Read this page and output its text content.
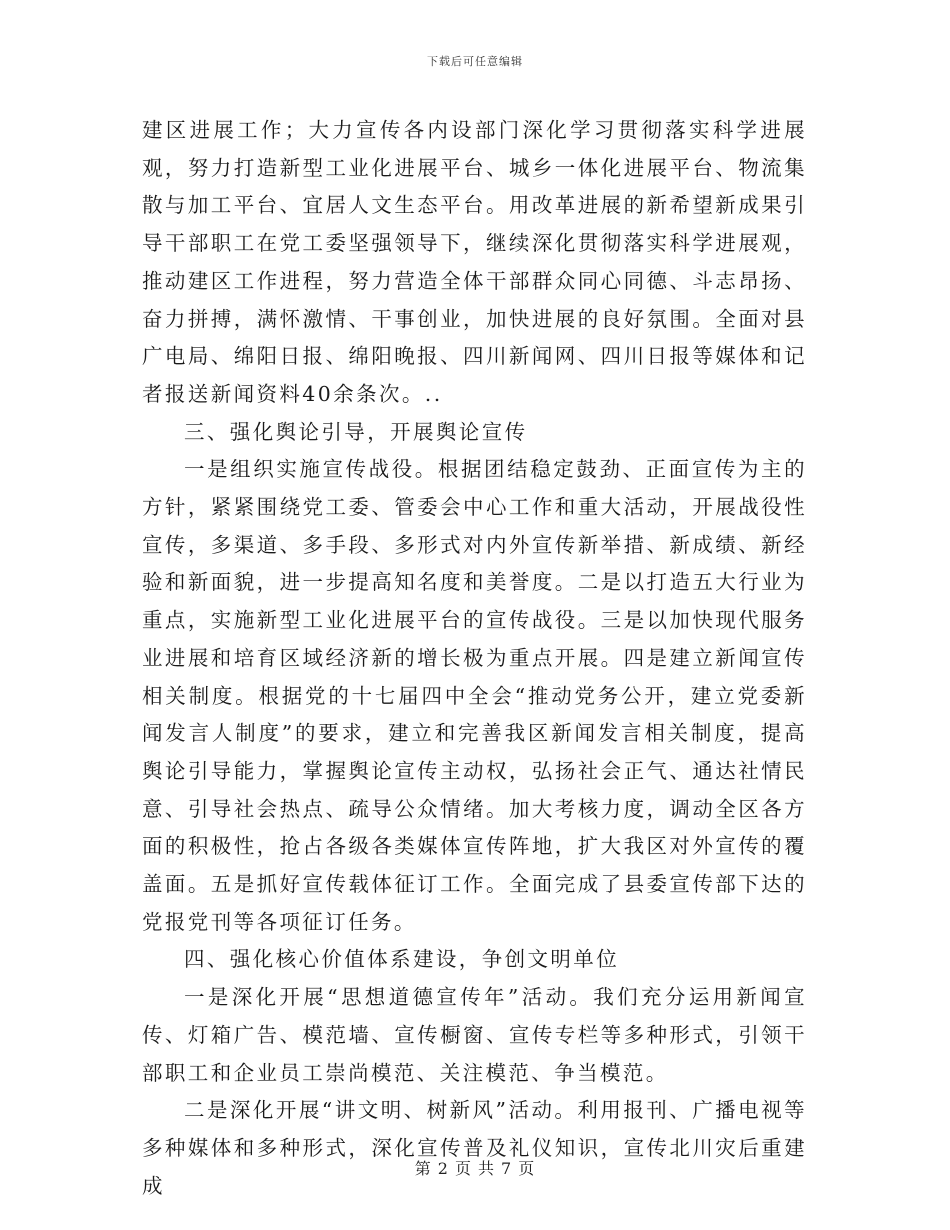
下载后可任意编辑

建区进展工作；大力宣传各内设部门深化学习贯彻落实科学进展观，努力打造新型工业化进展平台、城乡一体化进展平台、物流集散与加工平台、宜居人文生态平台。用改革进展的新希望新成果引导干部职工在党工委坚强领导下，继续深化贯彻落实科学进展观，推动建区工作进程，努力营造全体干部群众同心同德、斗志昂扬、奋力拼搏，满怀激情、干事创业，加快进展的良好氛围。全面对县广电局、绵阳日报、绵阳晚报、四川新闻网、四川日报等媒体和记者报送新闻资料40余条次。..

三、强化舆论引导，开展舆论宣传

一是组织实施宣传战役。根据团结稳定鼓劲、正面宣传为主的方针，紧紧围绕党工委、管委会中心工作和重大活动，开展战役性宣传，多渠道、多手段、多形式对内外宣传新举措、新成绩、新经验和新面貌，进一步提高知名度和美誉度。二是以打造五大行业为重点，实施新型工业化进展平台的宣传战役。三是以加快现代服务业进展和培育区域经济新的增长极为重点开展。四是建立新闻宣传相关制度。根据党的十七届四中全会“推动党务公开，建立党委新闻发言人制度”的要求，建立和完善我区新闻发言相关制度，提高舆论引导能力，掌握舆论宣传主动权，弘扬社会正气、通达社情民意、引导社会热点、疏导公众情绪。加大考核力度，调动全区各方面的积极性，抢占各级各类媒体宣传阵地，扩大我区对外宣传的覆盖面。五是抓好宣传载体征订工作。全面完成了县委宣传部下达的党报党刊等各项征订任务。

四、强化核心价值体系建设，争创文明单位

一是深化开展“思想道德宣传年”活动。我们充分运用新闻宣传、灯箱广告、模范墙、宣传橱窗、宣传专栏等多种形式，引领干部职工和企业员工崇尚模范、关注模范、争当模范。

二是深化开展“讲文明、树新风”活动。利用报刊、广播电视等多种媒体和多种形式，深化宣传普及礼仪知识，宣传北川灾后重建成

第 2 页 共 7 页
